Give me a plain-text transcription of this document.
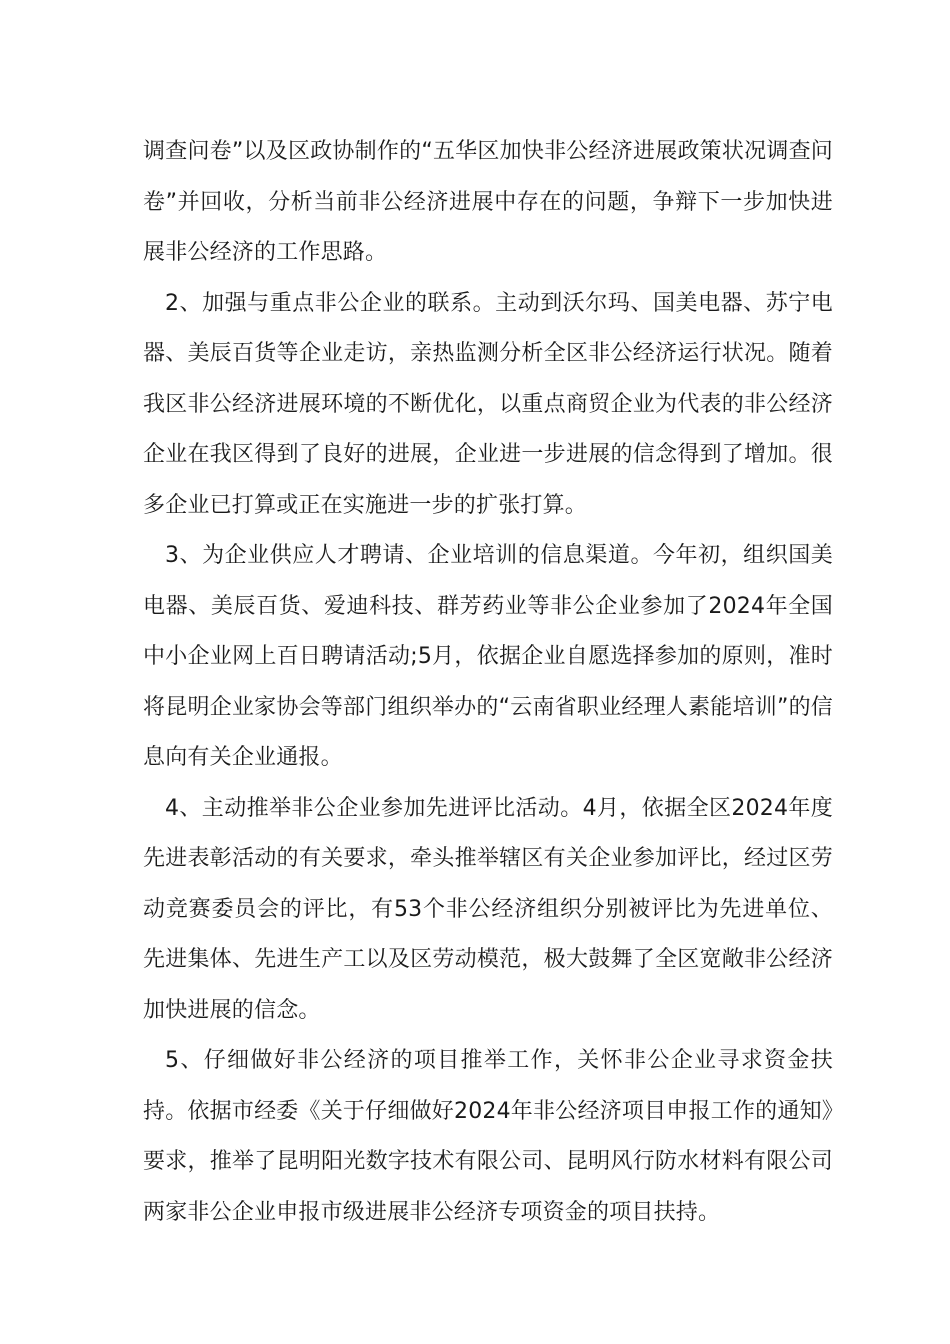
调查问卷”以及区政协制作的“五华区加快非公经济进展政策状况调查问卷”并回收，分析当前非公经济进展中存在的问题，争辩下一步加快进展非公经济的工作思路。

2、加强与重点非公企业的联系。主动到沃尔玛、国美电器、苏宁电器、美辰百货等企业走访，亲热监测分析全区非公经济运行状况。随着我区非公经济进展环境的不断优化，以重点商贸企业为代表的非公经济企业在我区得到了良好的进展，企业进一步进展的信念得到了增加。很多企业已打算或正在实施进一步的扩张打算。

3、为企业供应人才聘请、企业培训的信息渠道。今年初，组织国美电器、美辰百货、爱迪科技、群芳药业等非公企业参加了2024年全国中小企业网上百日聘请活动;5月，依据企业自愿选择参加的原则，准时将昆明企业家协会等部门组织举办的“云南省职业经理人素能培训”的信息向有关企业通报。

4、主动推举非公企业参加先进评比活动。4月，依据全区2024年度先进表彰活动的有关要求，牵头推举辖区有关企业参加评比，经过区劳动竞赛委员会的评比，有53个非公经济组织分别被评比为先进单位、先进集体、先进生产工以及区劳动模范，极大鼓舞了全区宽敞非公经济加快进展的信念。

5、仔细做好非公经济的项目推举工作，关怀非公企业寻求资金扶持。依据市经委《关于仔细做好2024年非公经济项目申报工作的通知》要求，推举了昆明阳光数字技术有限公司、昆明风行防水材料有限公司两家非公企业申报市级进展非公经济专项资金的项目扶持。
